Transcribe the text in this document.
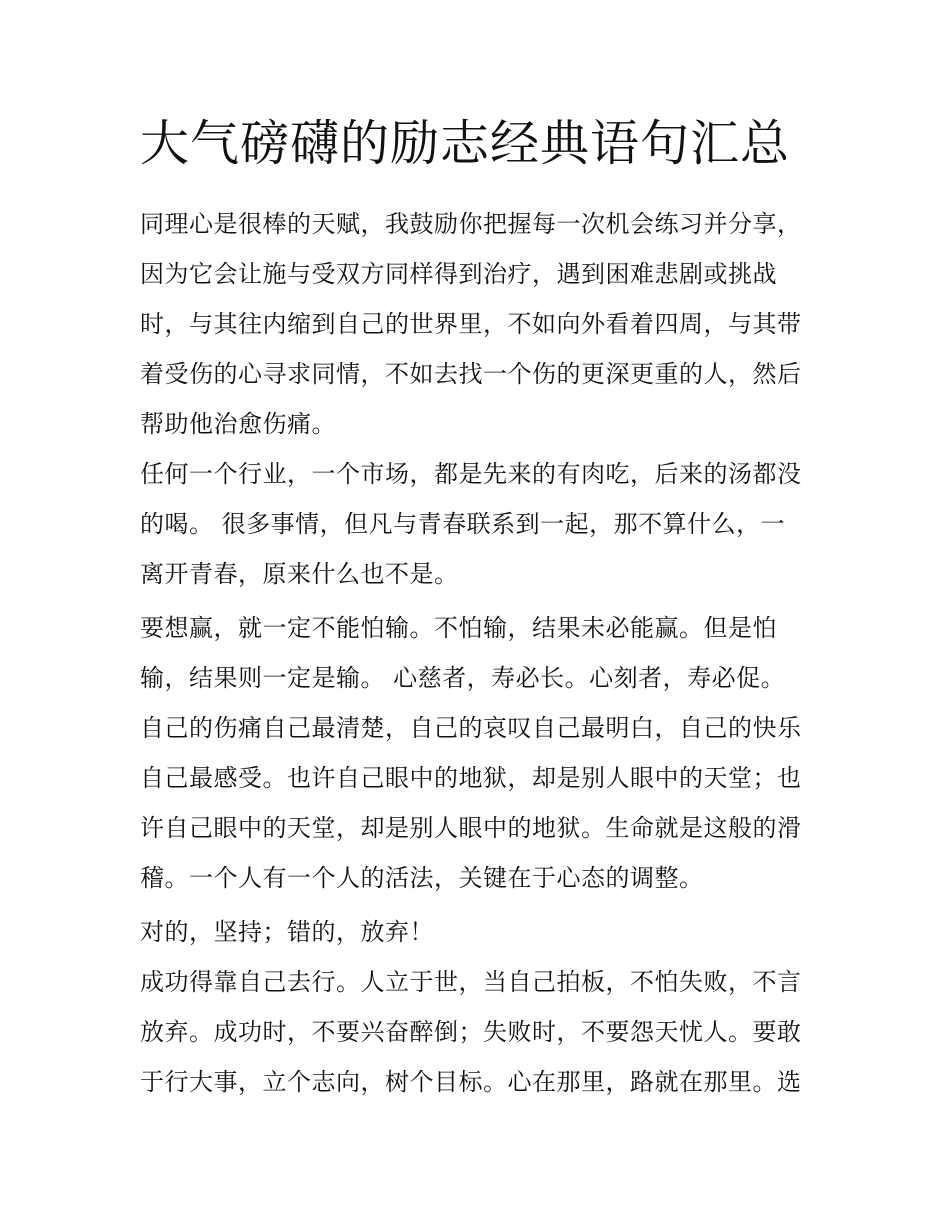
大气磅礴的励志经典语句汇总
同理心是很棒的天赋，我鼓励你把握每一次机会练习并分享，
因为它会让施与受双方同样得到治疗，遇到困难悲剧或挑战
时，与其往内缩到自己的世界里，不如向外看着四周，与其带
着受伤的心寻求同情，不如去找一个伤的更深更重的人，然后
帮助他治愈伤痛。
任何一个行业，一个市场，都是先来的有肉吃，后来的汤都没
的喝。 很多事情，但凡与青春联系到一起，那不算什么，一
离开青春，原来什么也不是。
要想赢，就一定不能怕输。不怕输，结果未必能赢。但是怕
输，结果则一定是输。 心慈者，寿必长。心刻者，寿必促。
自己的伤痛自己最清楚，自己的哀叹自己最明白，自己的快乐
自己最感受。也许自己眼中的地狱，却是别人眼中的天堂；也
许自己眼中的天堂，却是别人眼中的地狱。生命就是这般的滑
稽。一个人有一个人的活法，关键在于心态的调整。
对的，坚持；错的，放弃！
成功得靠自己去行。人立于世，当自己拍板，不怕失败，不言
放弃。成功时，不要兴奋醉倒；失败时，不要怨天忧人。要敢
于行大事，立个志向，树个目标。心在那里，路就在那里。选
